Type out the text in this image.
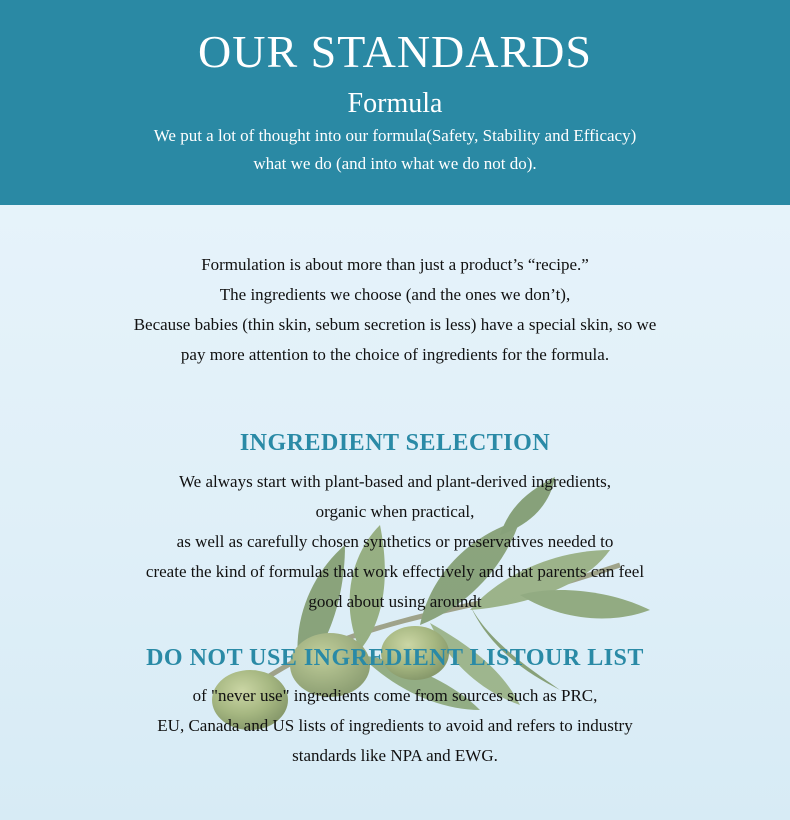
OUR STANDARDS
Formula
We put a lot of thought into our formula(Safety, Stability and Efficacy)
what we do (and into what we do not do).
Formulation is about more than just a product’s “recipe.”
The ingredients we choose (and the ones we don’t),
Because babies (thin skin, sebum secretion is less) have a special skin, so we
pay more attention to the choice of ingredients for the formula.
INGREDIENT SELECTION
We always start with plant-based and plant-derived ingredients,
organic when practical,
as well as carefully chosen synthetics or preservatives needed to
create the kind of formulas that work effectively and that parents can feel
good about using aroundt
DO NOT USE INGREDIENT LISTOUR LIST
of "never use" ingredients come from sources such as PRC,
EU, Canada and US lists of ingredients to avoid and refers to industry
standards like NPA and EWG.
